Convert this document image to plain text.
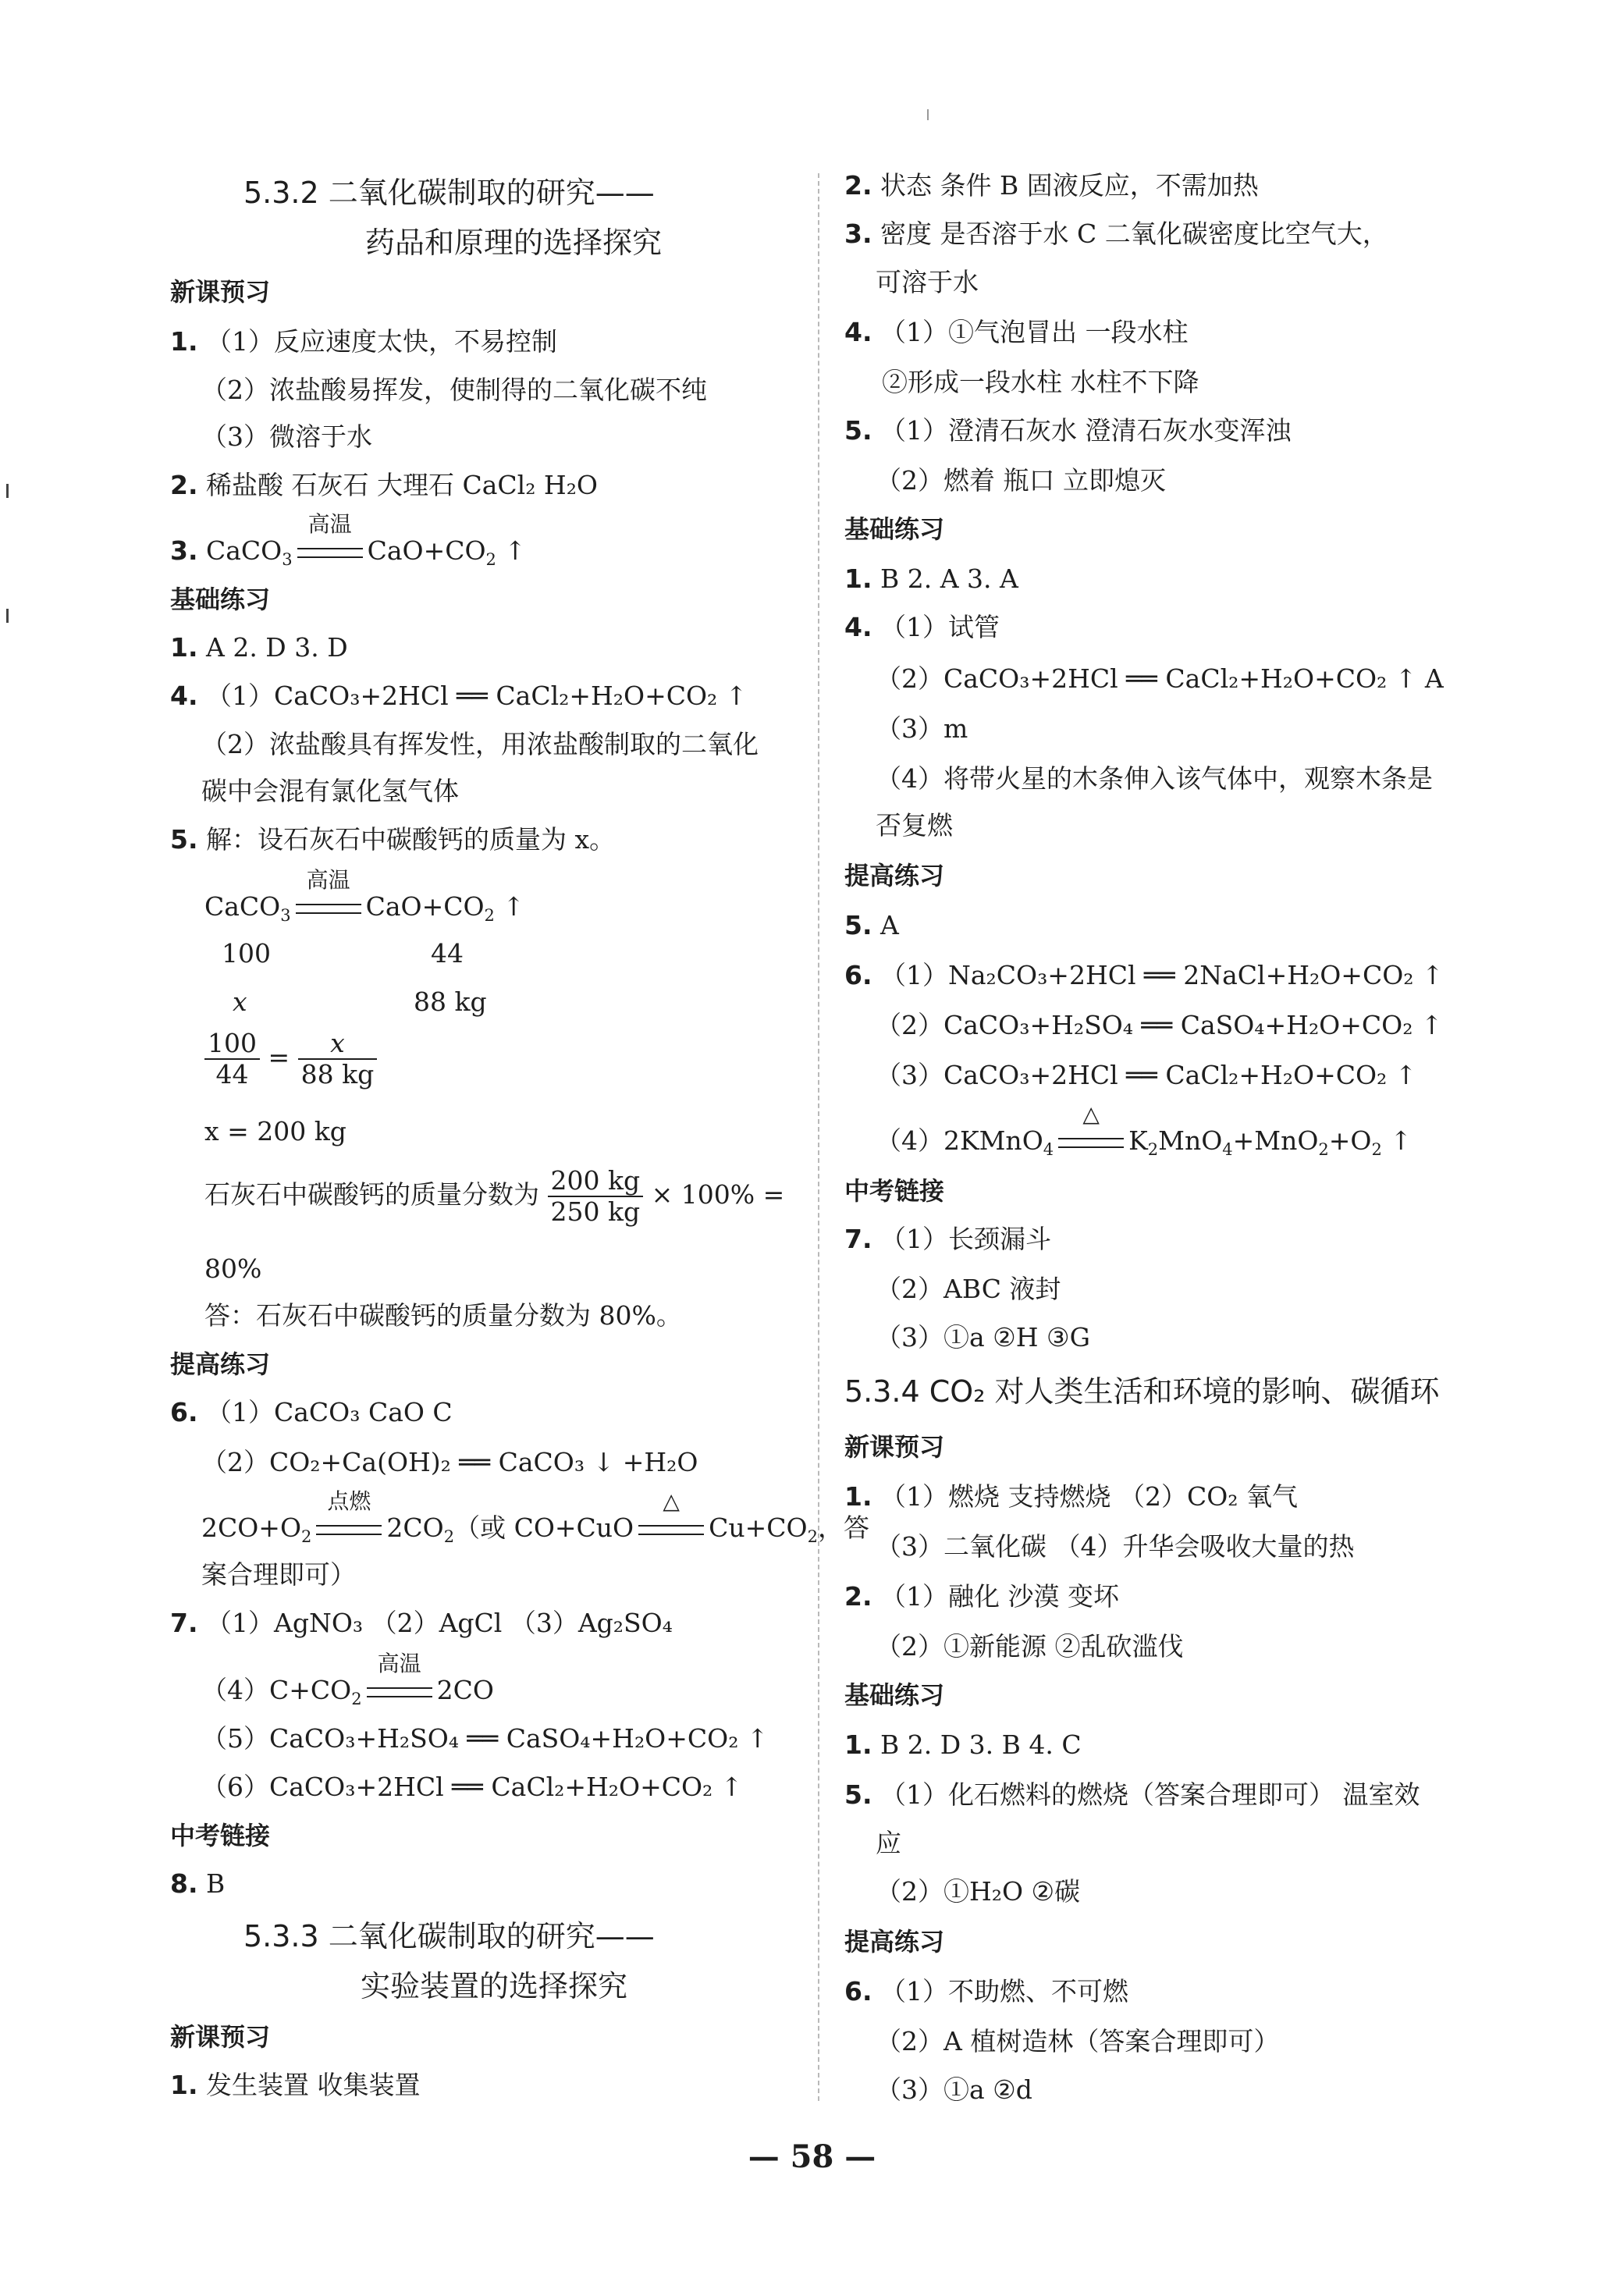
5.3.2 二氧化碳制取的研究——
药品和原理的选择探究
新课预习
1. （1）反应速度太快，不易控制
（2）浓盐酸易挥发，使制得的二氧化碳不纯
（3）微溶于水
2. 稀盐酸 石灰石 大理石 CaCl₂ H₂O
3. CaCO$_3$
高温
$CaO+CO_2$ ↑
基础练习
1. A 2. D 3. D
4. （1）CaCO₃+2HCl ══ CaCl₂+H₂O+CO₂ ↑
（2）浓盐酸具有挥发性，用浓盐酸制取的二氧化
碳中会混有氯化氢气体
5. 解：设石灰石中碳酸钙的质量为 x。
CaCO$_3$
高温
$CaO+CO_2$ ↑
100	44
x	88 kg
$\frac{100}{44} = \frac{x}{88 kg}$
x = 200 kg
石灰石中碳酸钙的质量分数为 $\frac{200 kg}{250 kg} \times 100\%$ =
80%
答：石灰石中碳酸钙的质量分数为 80%。
提高练习
6. （1）CaCO₃ CaO C
（2）CO₂+Ca(OH)₂ ══ CaCO₃ ↓ +H₂O
$2CO+O_2$
点燃
$2CO_2$（或 CO+CuO
△
$Cu+CO_2$，答
案合理即可）
7. （1）AgNO₃ （2）AgCl （3）Ag₂SO₄
$(4)C+CO_2$
高温
2CO
（5）CaCO₃+H₂SO₄ ══ CaSO₄+H₂O+CO₂ ↑
（6）CaCO₃+2HCl ══ CaCl₂+H₂O+CO₂ ↑
中考链接
8. B
5.3.3 二氧化碳制取的研究——
实验装置的选择探究
新课预习
1. 发生装置 收集装置
2. 状态 条件 B 固液反应，不需加热
3. 密度 是否溶于水 C 二氧化碳密度比空气大，
可溶于水
4. （1）①气泡冒出 一段水柱
②形成一段水柱 水柱不下降
5. （1）澄清石灰水 澄清石灰水变浑浊
（2）燃着 瓶口 立即熄灭
基础练习
1. B 2. A 3. A
4. （1）试管
（2）CaCO₃+2HCl ══ CaCl₂+H₂O+CO₂ ↑ A
（3）m
（4）将带火星的木条伸入该气体中，观察木条是
否复燃
提高练习
5. A
6. （1）Na₂CO₃+2HCl ══ 2NaCl+H₂O+CO₂ ↑
（2）CaCO₃+H₂SO₄ ══ CaSO₄+H₂O+CO₂ ↑
（3）CaCO₃+2HCl ══ CaCl₂+H₂O+CO₂ ↑
（4）2KMnO$_4$
△
$K_2MnO_4+MnO_2+O_2$ ↑
中考链接
7. （1）长颈漏斗
（2）ABC 液封
（3）①a ②H ③G
5.3.4 CO₂ 对人类生活和环境的影响、碳循环
新课预习
1. （1）燃烧 支持燃烧 （2）CO₂ 氧气
（3）二氧化碳 （4）升华会吸收大量的热
2. （1）融化 沙漠 变坏
（2）①新能源 ②乱砍滥伐
基础练习
1. B 2. D 3. B 4. C
5. （1）化石燃料的燃烧（答案合理即可） 温室效
应
（2）①H₂O ②碳
提高练习
6. （1）不助燃、不可燃
（2）A 植树造林（答案合理即可）
（3）①a ②d
— 58 —
